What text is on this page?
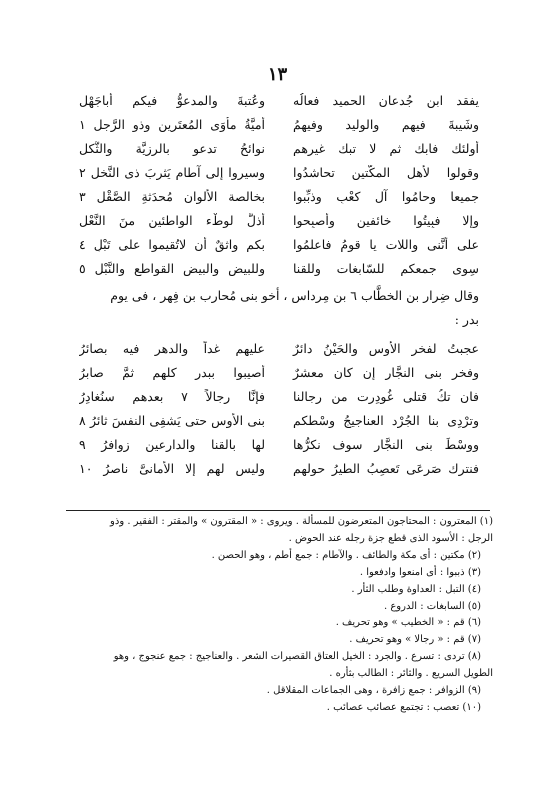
١٣
يفقد ابن جُدعان الحميد فعالُه
وعُتبةَ والمدعوُّ فيكم أباجَهْل
وشَيبةَ فيهم والوليد وفيهمُ
أُميَّةُ مأْوَى المُعتَرين وذو الرَّجل ١
أولئك فابك ثم لا تبك غيرهم
نوائحُ تدعو بالرزيَّة والثُّكل
وقولوا لأهل المكَّتين تحاشدُوا
وسيروا إلى آطام يَثرِبَ ذى النَّخل ٢
جميعا وحامُوا آل كعْبٍ وذبِّبوا
بخالصة الألوان مُحدَثةِ الصَّقْل ٣
وإلا فبِيتُوا خائفين وأصبِحوا
أذلَّ لوطْء الواطئين منَ النَّعْل
على أنَّنى واللات يا قومُ فاعلمُوا
بكم واثقٌ أن لاتُقيموا على تَبْلٍ ٤
سِوى جمعكم للسّابغات وللقنا
وللبيض والبيض القواطع والنَّبْل ٥
وقال ضِرار بن الخطَّاب ٦ بن مِرداس ، أخو بنى مُحارب بن فِهر ، فى يوم
بدر :
عجبتُ لفخر الأوس والحَيْنُ دائرٌ
عليهم غداً والدهر فيه بصائرُ
وفخر بنى النجَّار إن كان معشرٌ
أُصيبوا ببدرٍ كلهم ثمَّ صابرُ
فان تكُ قتلى غُودِرت من رجالنا
فإنَّا رجالاً ٧ بعدهم سنُغادِرُ
وترْدِى بنا الجُرْد العناجيجُ وسْطكم
بنى الأوس حتى يَشفِى النفسَ ثائرُ ٨
ووسْطَ بنى النجَّار سوف نكرُّها
لها بالقنا والدارعين زوافرُ ٩
فنترك صَرعَى تَعصِبُ الطيرُ حولهم
وليس لهم إلا الأمانىَّ ناصرُ ١٠
(١) المعترون : المحتاجون المتعرضون للمسألة . ويروى : « المقترون » والمقتر : الفقير . وذو
الرجل : الأسود الذى قطع جزة رجله عند الحوض .
(٢) مكتين : أى مكة والطائف . والآطام : جمع أطم ، وهو الحصن .
(٣) ذببوا : أى امنعوا وادفعوا .
(٤) التبل : العداوة وطلب الثأر .
(٥) السابغات : الدروع .
(٦) قم : « الخطيب » وهو تحريف .
(٧) قم : « رجالا » وهو تحريف .
(٨) تردى : تسرع . والجرد : الخيل العتاق القصيرات الشعر . والعناجيج : جمع عنجوج ، وهو
الطويل السريع . والثائر : الطالب بثأره .
(٩) الزوافر : جمع زافرة ، وهى الجماعات المقلاقل .
(١٠) تعصب : تجتمع عصائب عصائب .
